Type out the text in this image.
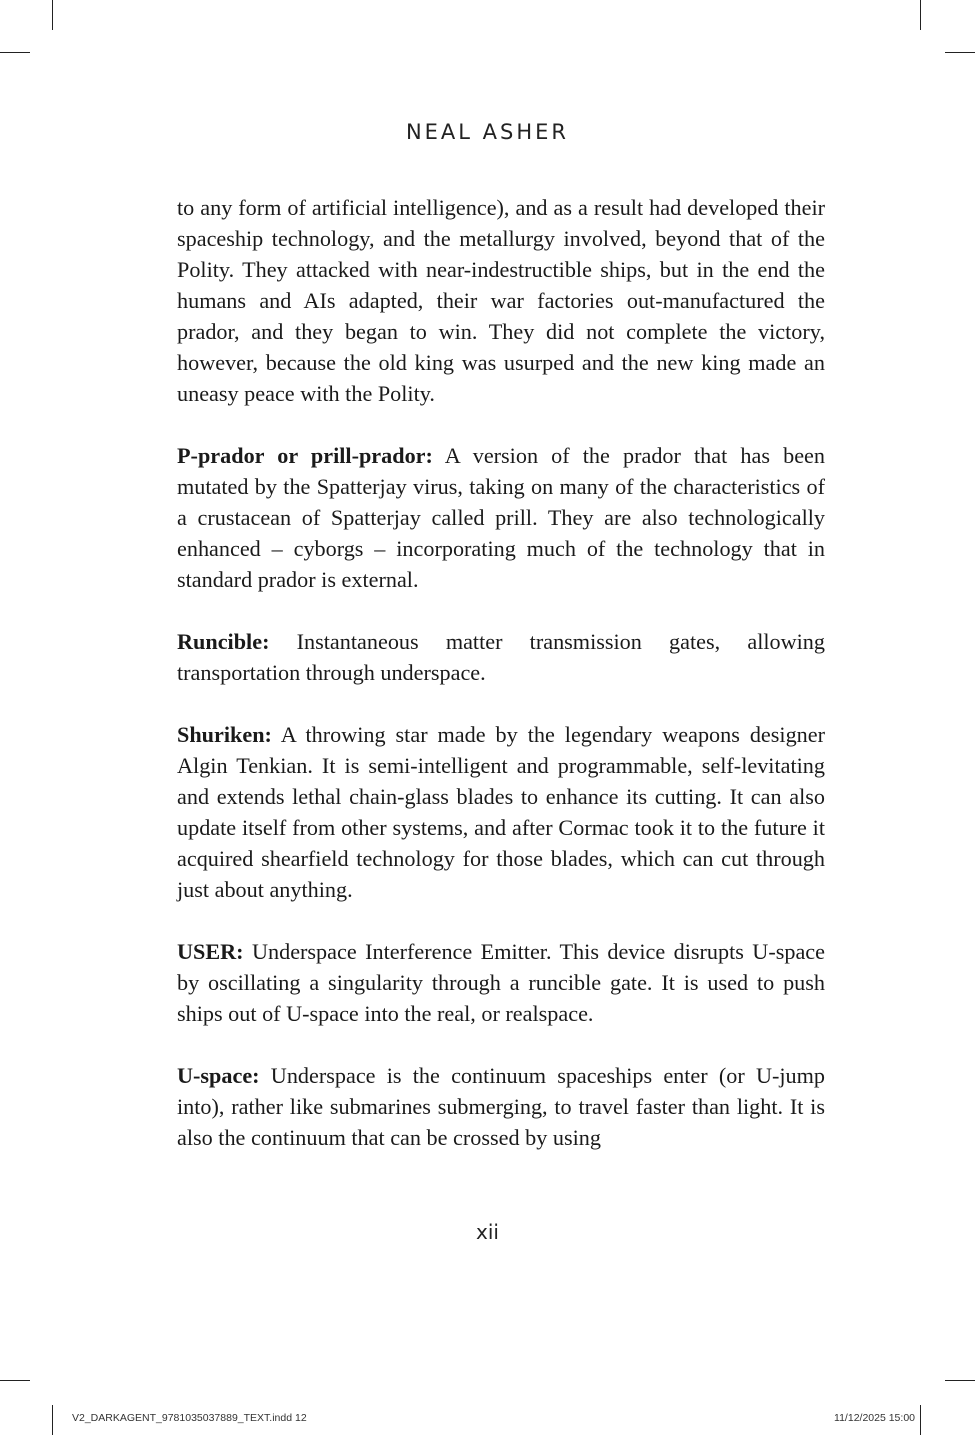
NEAL ASHER

to any form of artificial intelligence), and as a result had developed their spaceship technology, and the metallurgy involved, beyond that of the Polity. They attacked with near-indestructible ships, but in the end the humans and AIs adapted, their war factories out-manufactured the prador, and they began to win. They did not complete the victory, however, because the old king was usurped and the new king made an uneasy peace with the Polity.

P-prador or prill-prador: A version of the prador that has been mutated by the Spatterjay virus, taking on many of the characteristics of a crustacean of Spatterjay called prill. They are also technologically enhanced – cyborgs – incorporating much of the technology that in standard prador is external.

Runcible: Instantaneous matter transmission gates, allowing transportation through underspace.

Shuriken: A throwing star made by the legendary weapons designer Algin Tenkian. It is semi-intelligent and programmable, self-levitating and extends lethal chain-glass blades to enhance its cutting. It can also update itself from other systems, and after Cormac took it to the future it acquired shearfield technology for those blades, which can cut through just about anything.

USER: Underspace Interference Emitter. This device disrupts U-space by oscillating a singularity through a runcible gate. It is used to push ships out of U-space into the real, or realspace.

U-space: Underspace is the continuum spaceships enter (or U-jump into), rather like submarines submerging, to travel faster than light. It is also the continuum that can be crossed by using

xii
V2_DARKAGENT_9781035037889_TEXT.indd 12	11/12/2025 15:00
